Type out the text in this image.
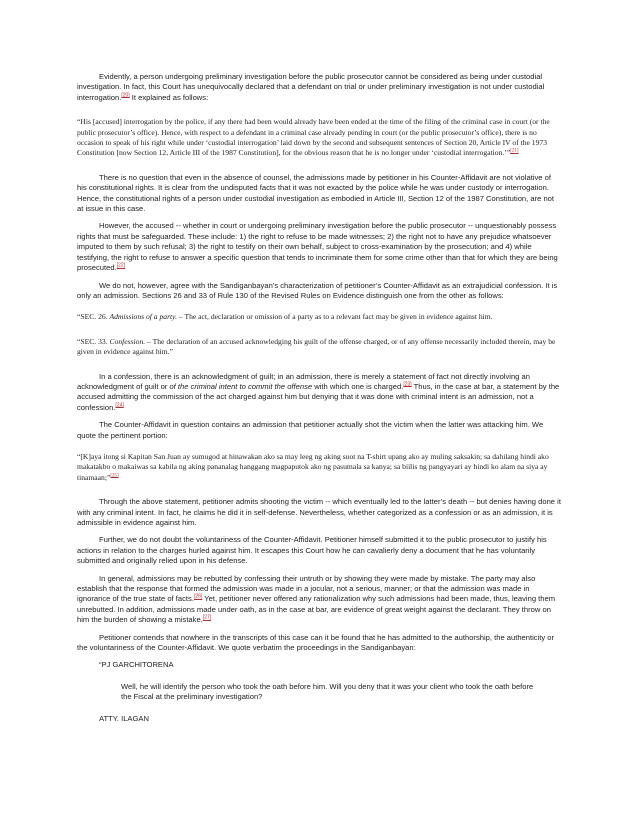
Evidently, a person undergoing preliminary investigation before the public prosecutor cannot be considered as being under custodial investigation. In fact, this Court has unequivocally declared that a defendant on trial or under preliminary investigation is not under custodial interrogation.[20] It explained as follows:

“His [accused] interrogation by the police, if any there had been would already have been ended at the time of the filing of the criminal case in court (or the public prosecutor’s office). Hence, with respect to a defendant in a criminal case already pending in court (or the public prosecutor’s office), there is no occasion to speak of his right while under ‘custodial interrogation’ laid down by the second and subsequent sentences of Section 20, Article IV of the 1973 Constitution [now Section 12, Article III of the 1987 Constitution], for the obvious reason that he is no longer under ‘custodial interrogation.’”[21]

There is no question that even in the absence of counsel, the admissions made by petitioner in his Counter-Affidavit are not violative of his constitutional rights. It is clear from the undisputed facts that it was not exacted by the police while he was under custody or interrogation. Hence, the constitutional rights of a person under custodial investigation as embodied in Article III, Section 12 of the 1987 Constitution, are not at issue in this case.

However, the accused -- whether in court or undergoing preliminary investigation before the public prosecutor -- unquestionably possess rights that must be safeguarded. These include: 1) the right to refuse to be made witnesses; 2) the right not to have any prejudice whatsoever imputed to them by such refusal; 3) the right to testify on their own behalf, subject to cross-examination by the prosecution; and 4) while testifying, the right to refuse to answer a specific question that tends to incriminate them for some crime other than that for which they are being prosecuted.[22]

We do not, however, agree with the Sandiganbayan’s characterization of petitioner’s Counter-Affidavit as an extrajudicial confession. It is only an admission. Sections 26 and 33 of Rule 130 of the Revised Rules on Evidence distinguish one from the other as follows:

“SEC. 26. Admissions of a party. – The act, declaration or omission of a party as to a relevant fact may be given in evidence against him.

“SEC. 33. Confession. – The declaration of an accused acknowledging his guilt of the offense charged, or of any offense necessarily included therein, may be given in evidence against him.”

In a confession, there is an acknowledgment of guilt; in an admission, there is merely a statement of fact not directly involving an acknowledgment of guilt or of the criminal intent to commit the offense with which one is charged.[23] Thus, in the case at bar, a statement by the accused admitting the commission of the act charged against him but denying that it was done with criminal intent is an admission, not a confession.[24]

The Counter-Affidavit in question contains an admission that petitioner actually shot the victim when the latter was attacking him. We quote the pertinent portion:

“[K]aya itong si Kapitan San Juan ay sumugod at hinawakan ako sa may leeg ng aking suot na T-shirt upang ako ay muling saksakin; sa dahilang hindi ako makatakbo o makaiwas sa kabila ng aking pananalag hanggang magpaputok ako ng pasumala sa kanya; sa biilis ng pangyayari ay hindi ko alam na siya ay tinamaan;”[25]

Through the above statement, petitioner admits shooting the victim -- which eventually led to the latter’s death -- but denies having done it with any criminal intent. In fact, he claims he did it in self-defense. Nevertheless, whether categorized as a confession or as an admission, it is admissible in evidence against him.

Further, we do not doubt the voluntariness of the Counter-Affidavit. Petitioner himself submitted it to the public prosecutor to justify his actions in relation to the charges hurled against him. It escapes this Court how he can cavalierly deny a document that he has voluntarily submitted and originally relied upon in his defense.

In general, admissions may be rebutted by confessing their untruth or by showing they were made by mistake. The party may also establish that the response that formed the admission was made in a jocular, not a serious, manner; or that the admission was made in ignorance of the true state of facts.[26] Yet, petitioner never offered any rationalization why such admissions had been made, thus, leaving them unrebutted. In addition, admissions made under oath, as in the case at bar, are evidence of great weight against the declarant. They throw on him the burden of showing a mistake.[27]

Petitioner contends that nowhere in the transcripts of this case can it be found that he has admitted to the authorship, the authenticity or the voluntariness of the Counter-Affidavit. We quote verbatim the proceedings in the Sandiganbayan:

“PJ GARCHITORENA

Well, he will identify the person who took the oath before him. Will you deny that it was your client who took the oath before the Fiscal at the preliminary investigation?

ATTY. ILAGAN
